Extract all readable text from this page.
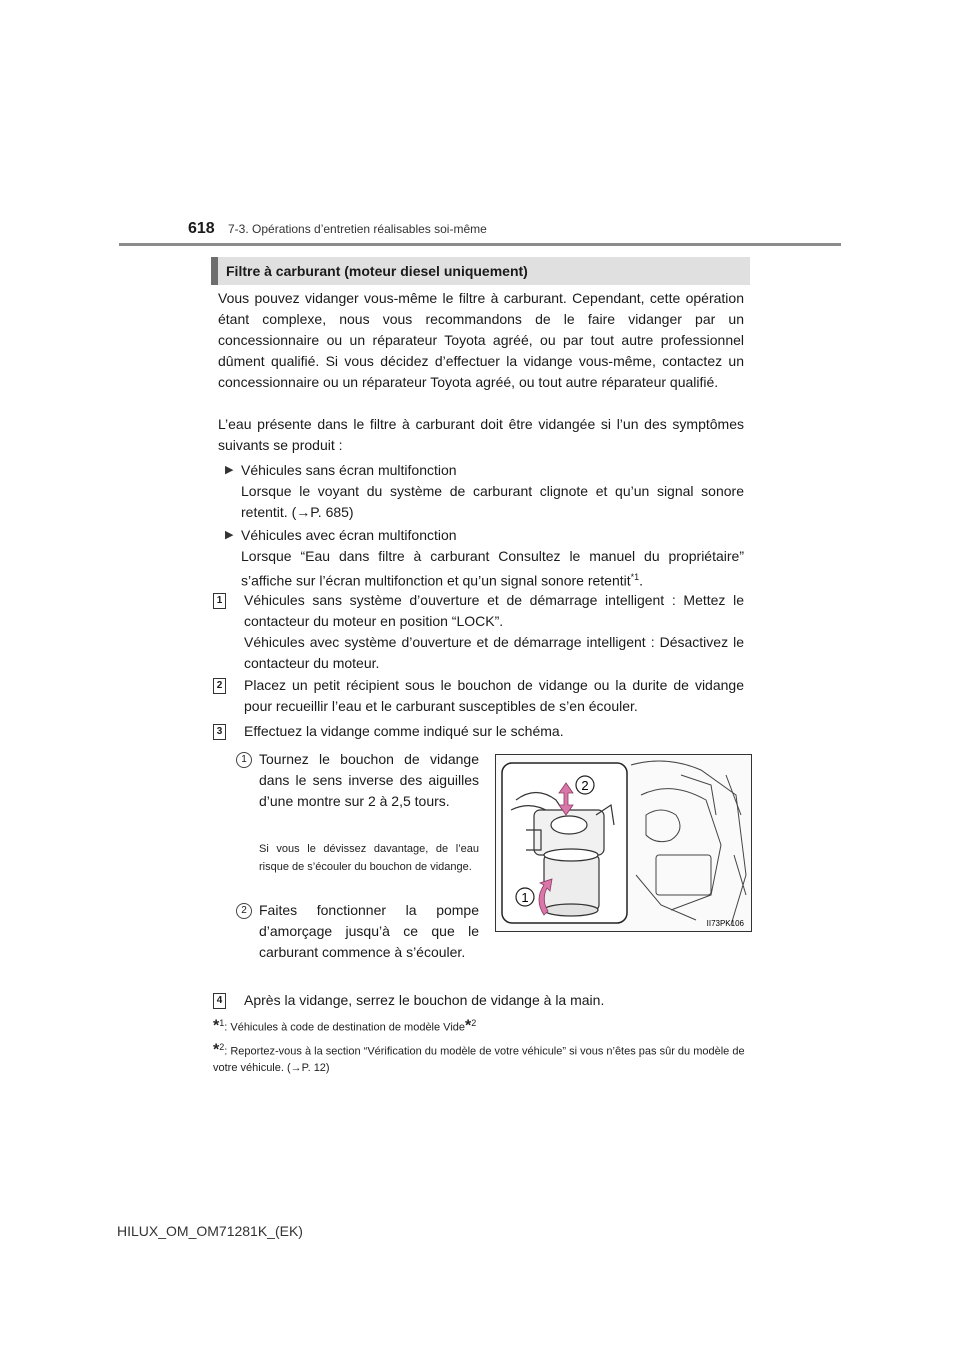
618 7-3. Opérations d’entretien réalisables soi-même
Filtre à carburant (moteur diesel uniquement)
Vous pouvez vidanger vous-même le filtre à carburant. Cependant, cette opération étant complexe, nous vous recommandons de le faire vidanger par un concessionnaire ou un réparateur Toyota agréé, ou par tout autre professionnel dûment qualifié. Si vous décidez d’effectuer la vidange vous-même, contactez un concessionnaire ou un réparateur Toyota agréé, ou tout autre réparateur qualifié.
L’eau présente dans le filtre à carburant doit être vidangée si l’un des symptômes suivants se produit :
▶ Véhicules sans écran multifonction
Lorsque le voyant du système de carburant clignote et qu’un signal sonore retentit. (→P. 685)
▶ Véhicules avec écran multifonction
Lorsque “Eau dans filtre à carburant Consultez le manuel du propriétaire” s’affiche sur l’écran multifonction et qu’un signal sonore retentit$^{*1}$.
1 Véhicules sans système d’ouverture et de démarrage intelligent : Mettez le contacteur du moteur en position “LOCK”.
Véhicules avec système d’ouverture et de démarrage intelligent : Désactivez le contacteur du moteur.
2 Placez un petit récipient sous le bouchon de vidange ou la durite de vidange pour recueillir l’eau et le carburant susceptibles de s’en écouler.
3 Effectuez la vidange comme indiqué sur le schéma.
1 Tournez le bouchon de vidange dans le sens inverse des aiguilles d’une montre sur 2 à 2,5 tours.
Si vous le dévissez davantage, de l’eau risque de s’écouler du bouchon de vidange.
2 Faites fonctionner la pompe d’amorçage jusqu’à ce que le carburant commence à s’écouler.
2
1
II73PK106
4 Après la vidange, serrez le bouchon de vidange à la main.
*$^1$: Véhicules à code de destination de modèle Vide*$^2$
*$^2$: Reportez-vous à la section “Vérification du modèle de votre véhicule” si vous n’êtes pas sûr du modèle de votre véhicule. (→P. 12)
HILUX_OM_OM71281K_(EK)
